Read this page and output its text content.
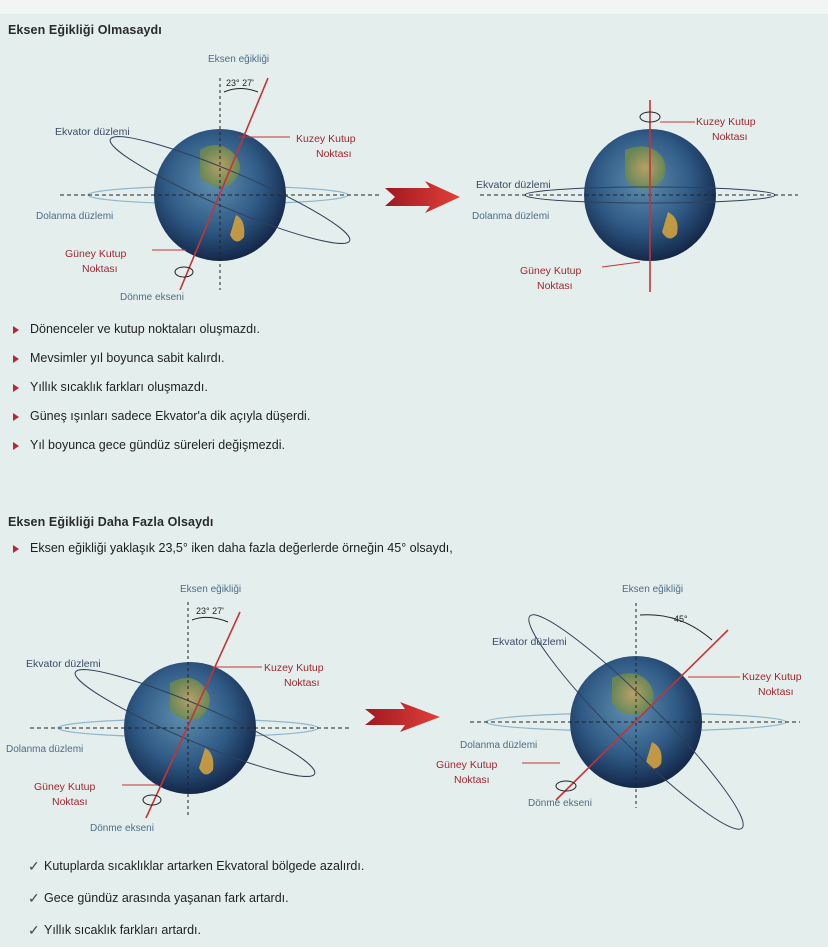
Eksen Eğikliği Olmasaydı
Eksen eğikliği
23° 27'
Ekvator düzlemi
Kuzey Kutup
Noktası
Dolanma düzlemi
Güney Kutup
Noktası
Dönme ekseni
Kuzey Kutup
Noktası
Ekvator düzlemi
Dolanma düzlemi
Güney Kutup
Noktası
Eksen eğikliği
23° 27'
Ekvator düzlemi	Kuzey Kutup
Noktası
Dolanma düzlemi
Güney Kutup
Noktası
Dönme ekseni
Eksen eğikliği
45°
Ekvator düzlemi
Kuzey Kutup
Noktası
Dolanma düzlemi
Güney Kutup
Noktası
Dönme ekseni
Dönenceler ve kutup noktaları oluşmazdı.
Mevsimler yıl boyunca sabit kalırdı.
Yıllık sıcaklık farkları oluşmazdı.
Güneş ışınları sadece Ekvator'a dik açıyla düşerdi.
Yıl boyunca gece gündüz süreleri değişmezdi.
Eksen Eğikliği Daha Fazla Olsaydı
Eksen eğikliği yaklaşık 23,5° iken daha fazla değerlerde örneğin 45° olsaydı,
✓ Kutuplarda sıcaklıklar artarken Ekvatoral bölgede azalırdı.
✓ Gece gündüz arasında yaşanan fark artardı.
✓ Yıllık sıcaklık farkları artardı.
